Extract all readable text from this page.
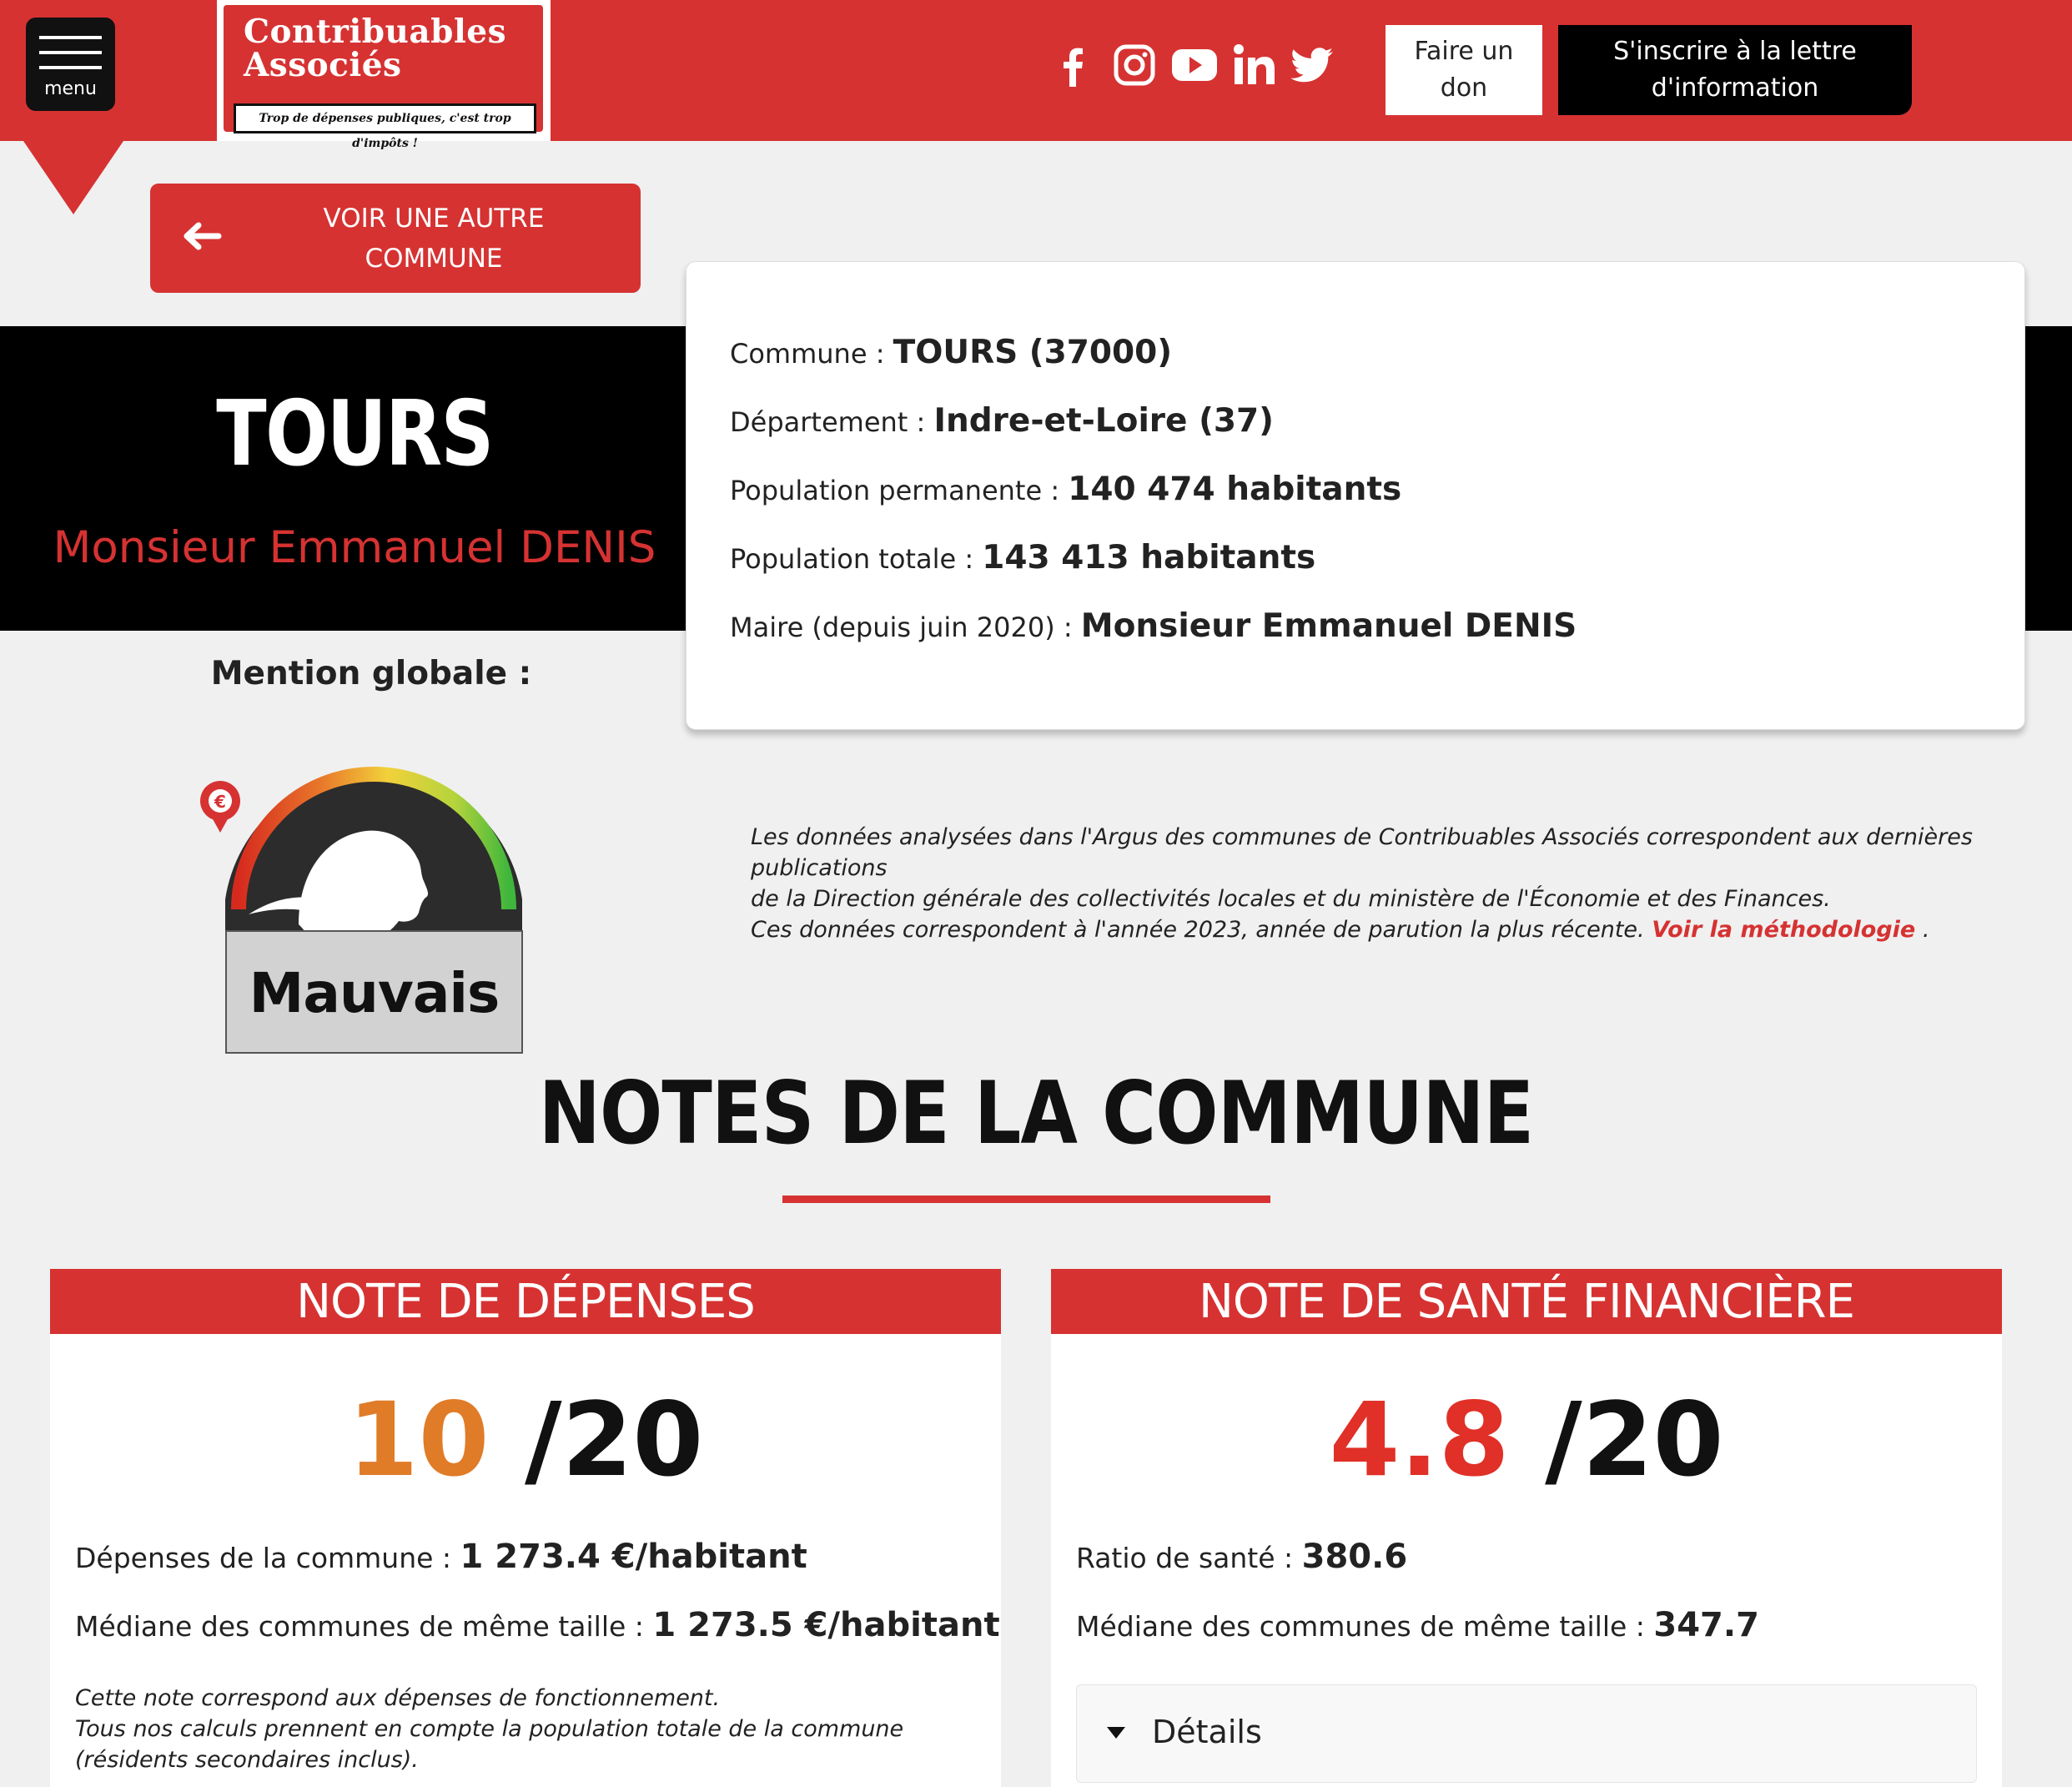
menu
Contribuables
Associés
Trop de dépenses publiques, c'est trop d'impôts !
Faire un
don
S'inscrire à la lettre
d'information
VOIR UNE AUTRE
COMMUNE
TOURS
Monsieur Emmanuel DENIS
Commune : TOURS (37000)
Département : Indre-et-Loire (37)
Population permanente : 140 474 habitants
Population totale : 143 413 habitants
Maire (depuis juin 2020) : Monsieur Emmanuel DENIS
Mention globale :
€
Mauvais
Les données analysées dans l'Argus des communes de Contribuables Associés correspondent aux dernières publications
de la Direction générale des collectivités locales et du ministère de l'Économie et des Finances.
Ces données correspondent à l'année 2023, année de parution la plus récente. Voir la méthodologie .
NOTES DE LA COMMUNE
NOTE DE DÉPENSES
10 /20
Dépenses de la commune : 1 273.4 €/habitant
Médiane des communes de même taille : 1 273.5 €/habitant
Cette note correspond aux dépenses de fonctionnement.
Tous nos calculs prennent en compte la population totale de la commune (résidents secondaires inclus).
NOTE DE SANTÉ FINANCIÈRE
4.8 /20
Ratio de santé : 380.6
Médiane des communes de même taille : 347.7
Détails
